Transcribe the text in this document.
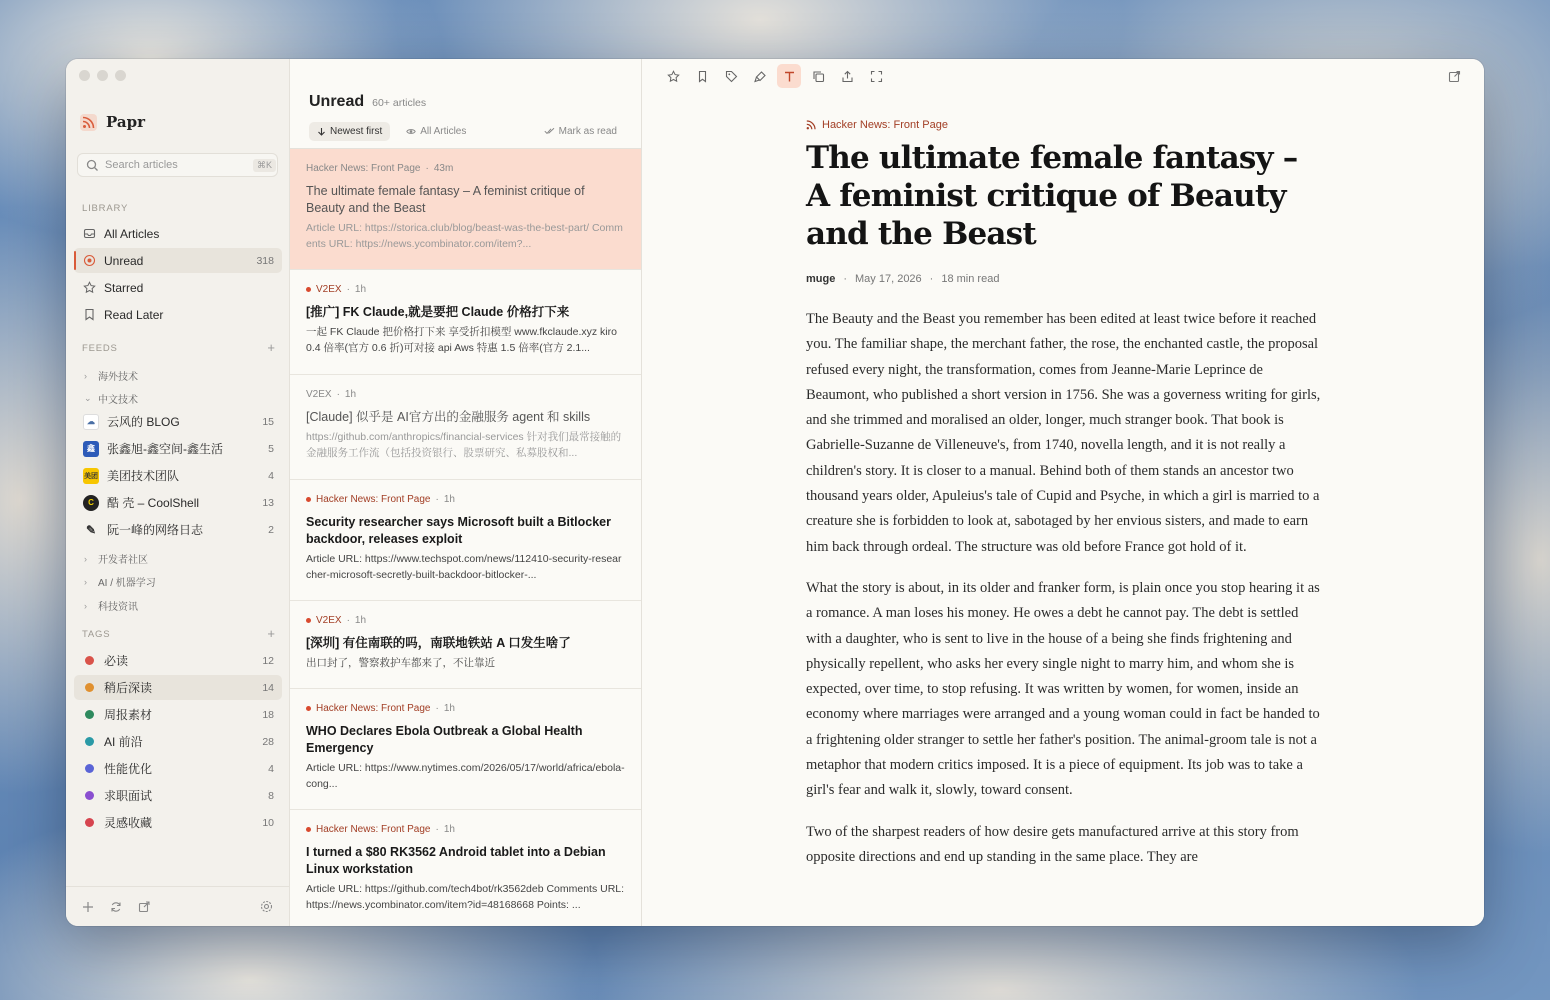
Papr
Search articles
⌘K
LIBRARY
All Articles
Unread	318
Starred
Read Later
FEEDS	+
›	海外技术
⌄ 中文技术
☁	云风的 BLOG	15
鑫	张鑫旭-鑫空间-鑫生活	5
美团 美团技术团队	4
C	酷 壳 – CoolShell	13
✎ 阮一峰的网络日志	2
›	开发者社区
›	AI / 机器学习
›	科技资讯
TAGS	+
必读	12
稍后深读	14
周报素材	18
AI 前沿	28
性能优化	4
求职面试	8
灵感收藏	10
Unread 60+ articles
Newest first	All Articles	Mark as read
Hacker News: Front Page · 43m
The ultimate female fantasy – A feminist critique of Beauty and the Beast
Article URL: https://storica.club/blog/beast-was-the-best-part/ Comments URL: https://news.ycombinator.com/item?...
V2EX · 1h
[推广] FK Claude,就是要把 Claude 价格打下来
一起 FK Claude 把价格打下来 享受折扣模型 www.fkclaude.xyz kiro 0.4 倍率(官方 0.6 折)可对接 api Aws 特惠 1.5 倍率(官方 2.1...
V2EX · 1h
[Claude] 似乎是 AI官方出的金融服务 agent 和 skills
https://github.com/anthropics/financial-services 针对我们最常接触的金融服务工作流（包括投资银行、股票研究、私募股权和...
Hacker News: Front Page · 1h
Security researcher says Microsoft built a Bitlocker backdoor, releases exploit
Article URL: https://www.techspot.com/news/112410-security-researcher-microsoft-secretly-built-backdoor-bitlocker-...
V2EX · 1h
[深圳] 有住南联的吗，南联地铁站 A 口发生啥了
出口封了，警察救护车都来了，不让靠近
Hacker News: Front Page · 1h
WHO Declares Ebola Outbreak a Global Health Emergency
Article URL: https://www.nytimes.com/2026/05/17/world/africa/ebola-cong...
Hacker News: Front Page · 1h
I turned a $80 RK3562 Android tablet into a Debian Linux workstation
Article URL: https://github.com/tech4bot/rk3562deb Comments URL: https://news.ycombinator.com/item?id=48168668 Points: ...
Hacker News: Front Page
The ultimate female fantasy – A feminist critique of Beauty and the Beast
muge · May 17, 2026 · 18 min read

The Beauty and the Beast you remember has been edited at least twice before it reached you. The familiar shape, the merchant father, the rose, the enchanted castle, the proposal refused every night, the transformation, comes from Jeanne-Marie Leprince de Beaumont, who published a short version in 1756. She was a governess writing for girls, and she trimmed and moralised an older, longer, much stranger book. That book is Gabrielle-Suzanne de Villeneuve's, from 1740, novella length, and it is not really a children's story. It is closer to a manual. Behind both of them stands an ancestor two thousand years older, Apuleius's tale of Cupid and Psyche, in which a girl is married to a creature she is forbidden to look at, sabotaged by her envious sisters, and made to earn him back through ordeal. The structure was old before France got hold of it.

What the story is about, in its older and franker form, is plain once you stop hearing it as a romance. A man loses his money. He owes a debt he cannot pay. The debt is settled with a daughter, who is sent to live in the house of a being she finds frightening and physically repellent, who asks her every single night to marry him, and whom she is expected, over time, to stop refusing. It was written by women, for women, inside an economy where marriages were arranged and a young woman could in fact be handed to a frightening older stranger to settle her father's position. The animal-groom tale is not a metaphor that modern critics imposed. It is a piece of equipment. Its job was to take a girl's fear and walk it, slowly, toward consent.

Two of the sharpest readers of how desire gets manufactured arrive at this story from opposite directions and end up standing in the same place. They are
